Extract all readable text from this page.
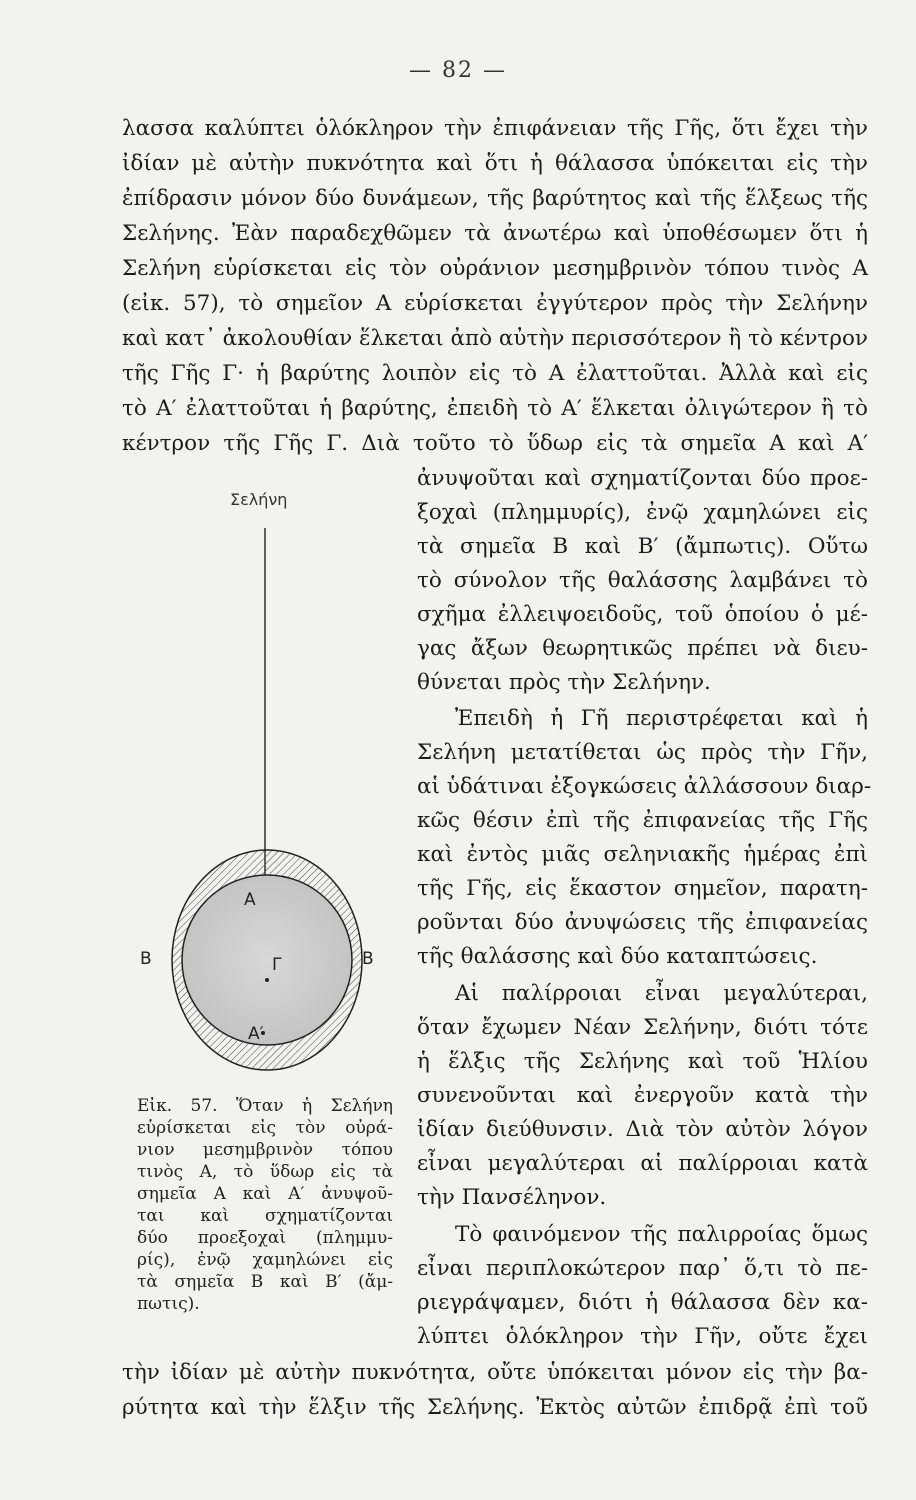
— 82 —
λασσα καλύπτει ὁλόκληρον τὴν ἐπιφάνειαν τῆς Γῆς, ὅτι ἔχει τὴν
ἰδίαν μὲ αὐτὴν πυκνότητα καὶ ὅτι ἡ θάλασσα ὑπόκειται εἰς τὴν
ἐπίδρασιν μόνον δύο δυνάμεων, τῆς βαρύτητος καὶ τῆς ἕλξεως τῆς
Σελήνης. Ἐὰν παραδεχθῶμεν τὰ ἀνωτέρω καὶ ὑποθέσωμεν ὅτι ἡ
Σελήνη εὑρίσκεται εἰς τὸν οὐράνιον μεσημβρινὸν τόπου τινὸς Α
(εἰκ. 57), τὸ σημεῖον Α εὑρίσκεται ἐγγύτερον πρὸς τὴν Σελήνην
καὶ κατ᾽ ἀκολουθίαν ἕλκεται ἀπὸ αὐτὴν περισσότερον ἢ τὸ κέντρον
τῆς Γῆς Γ· ἡ βαρύτης λοιπὸν εἰς τὸ Α ἐλαττοῦται. Ἀλλὰ καὶ εἰς
τὸ Α′ ἐλαττοῦται ἡ βαρύτης, ἐπειδὴ τὸ Α′ ἕλκεται ὀλιγώτερον ἢ τὸ
κέντρον τῆς Γῆς Γ. Διὰ τοῦτο τὸ ὕδωρ εἰς τὰ σημεῖα Α καὶ Α′
ἀνυψοῦται καὶ σχηματίζονται δύο προε-
ξοχαὶ (πλημμυρίς), ἐνῷ χαμηλώνει εἰς
τὰ σημεῖα Β καὶ Β′ (ἄμπωτις). Οὕτω
τὸ σύνολον τῆς θαλάσσης λαμβάνει τὸ
σχῆμα ἐλλειψοειδοῦς, τοῦ ὁποίου ὁ μέ-
γας ἄξων θεωρητικῶς πρέπει νὰ διευ-
θύνεται πρὸς τὴν Σελήνην.
Ἐπειδὴ ἡ Γῆ περιστρέφεται καὶ ἡ
Σελήνη μετατίθεται ὡς πρὸς τὴν Γῆν,
αἱ ὑδάτιναι ἐξογκώσεις ἀλλάσσουν διαρ-
κῶς θέσιν ἐπὶ τῆς ἐπιφανείας τῆς Γῆς
καὶ ἐντὸς μιᾶς σεληνιακῆς ἡμέρας ἐπὶ
τῆς Γῆς, εἰς ἕκαστον σημεῖον, παρατη-
ροῦνται δύο ἀνυψώσεις τῆς ἐπιφανείας
τῆς θαλάσσης καὶ δύο καταπτώσεις.
Αἱ παλίρροιαι εἶναι μεγαλύτεραι,
ὅταν ἔχωμεν Νέαν Σελήνην, διότι τότε
ἡ ἕλξις τῆς Σελήνης καὶ τοῦ Ἡλίου
συνενοῦνται καὶ ἐνεργοῦν κατὰ τὴν
ἰδίαν διεύθυνσιν. Διὰ τὸν αὐτὸν λόγον
εἶναι μεγαλύτεραι αἱ παλίρροιαι κατὰ
τὴν Πανσέληνον.
Τὸ φαινόμενον τῆς παλιρροίας ὅμως
εἶναι περιπλοκώτερον παρ᾽ ὅ,τι τὸ πε-
ριεγράψαμεν, διότι ἡ θάλασσα δὲν κα-
λύπτει ὁλόκληρον τὴν Γῆν, οὔτε ἔχει
τὴν ἰδίαν μὲ αὐτὴν πυκνότητα, οὔτε ὑπόκειται μόνον εἰς τὴν βα-
ρύτητα καὶ τὴν ἕλξιν τῆς Σελήνης. Ἐκτὸς αὐτῶν ἐπιδρᾷ ἐπὶ τοῦ
Σελήνη
Α
Γ
Α′
Β	Β
Εἰκ. 57. Ὅταν ἡ Σελήνη
εὑρίσκεται εἰς τὸν οὐρά-
νιον μεσημβρινὸν τόπου
τινὸς Α, τὸ ὕδωρ εἰς τὰ
σημεῖα Α καὶ Α′ ἀνυψοῦ-
ται καὶ σχηματίζονται
δύο προεξοχαὶ (πλημμυ-
ρίς), ἐνῷ χαμηλώνει εἰς
τὰ σημεῖα Β καὶ Β′ (ἄμ-
πωτις).
